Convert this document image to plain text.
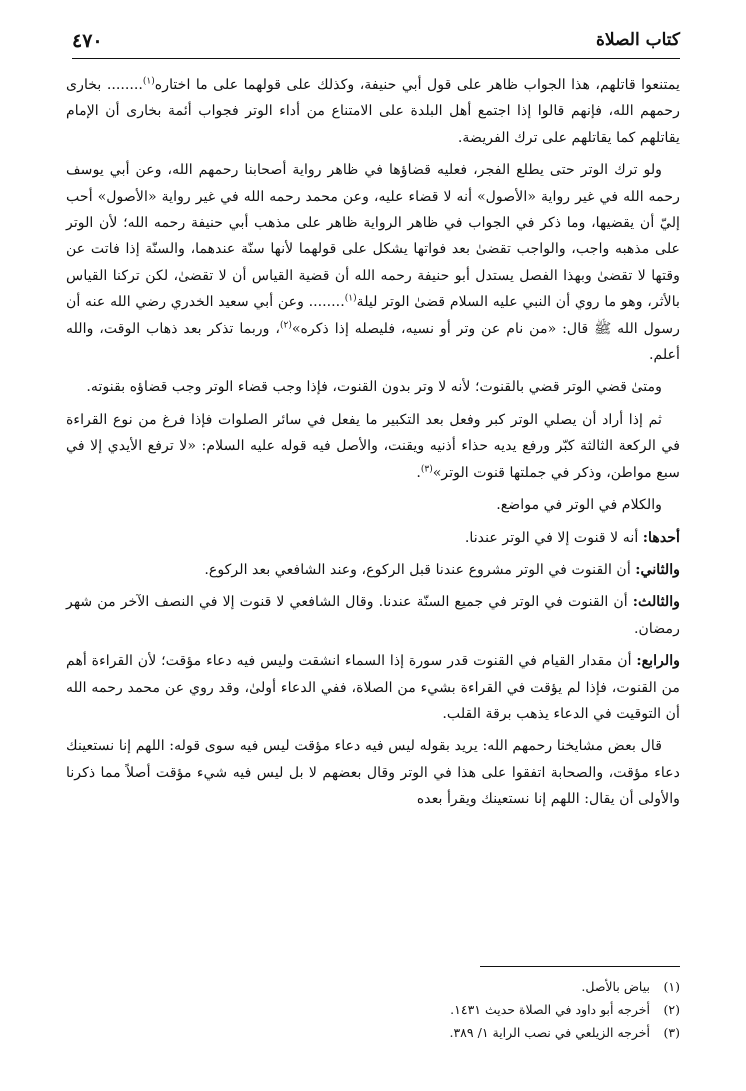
٤٧٠	كتاب الصلاة

يمتنعوا قاتلهم، هذا الجواب ظاهر على قول أبي حنيفة، وكذلك على قولهما على ما اختاره$^{(١)}$........ بخارى رحمهم الله، فإنهم قالوا إذا اجتمع أهل البلدة على الامتناع من أداء الوتر فجواب أئمة بخارى أن الإمام يقاتلهم كما يقاتلهم على ترك الفريضة.

ولو ترك الوتر حتى يطلع الفجر، فعليه قضاؤها في ظاهر رواية أصحابنا رحمهم الله، وعن أبي يوسف رحمه الله في غير رواية «الأصول» أنه لا قضاء عليه، وعن محمد رحمه الله في غير رواية «الأصول» أحب إليّ أن يقضيها، وما ذكر في الجواب في ظاهر الرواية ظاهر على مذهب أبي حنيفة رحمه الله؛ لأن الوتر على مذهبه واجب، والواجب تقضىٰ بعد فواتها يشكل على قولهما لأنها سنّة عندهما، والسنّة إذا فاتت عن وقتها لا تقضىٰ وبهذا الفصل يستدل أبو حنيفة رحمه الله أن قضية القياس أن لا تقضىٰ، لكن تركنا القياس بالأثر، وهو ما روي أن النبي عليه السلام قضىٰ الوتر ليلة$^{(١)}$........ وعن أبي سعيد الخدري رضي الله عنه أن رسول الله ﷺ قال: «من نام عن وتر أو نسيه، فليصله إذا ذكره»$^{(٢)}$، وربما تذكر بعد ذهاب الوقت، والله أعلم.

ومتىٰ قضي الوتر قضي بالقنوت؛ لأنه لا وتر بدون القنوت، فإذا وجب قضاء الوتر وجب قضاؤه بقنوته.

ثم إذا أراد أن يصلي الوتر كبر وفعل بعد التكبير ما يفعل في سائر الصلوات فإذا فرغ من نوع القراءة في الركعة الثالثة كبّر ورفع يديه حذاء أذنيه ويقنت، والأصل فيه قوله عليه السلام: «لا ترفع الأيدي إلا في سبع مواطن، وذكر في جملتها قنوت الوتر»$^{(٣)}$.

والكلام في الوتر في مواضع.

أحدها: أنه لا قنوت إلا في الوتر عندنا.

والثاني: أن القنوت في الوتر مشروع عندنا قبل الركوع، وعند الشافعي بعد الركوع.

والثالث: أن القنوت في الوتر في جميع السنّة عندنا. وقال الشافعي لا قنوت إلا في النصف الآخر من شهر رمضان.

والرابع: أن مقدار القيام في القنوت قدر سورة إذا السماء انشقت وليس فيه دعاء مؤقت؛ لأن القراءة أهم من القنوت، فإذا لم يؤقت في القراءة بشيء من الصلاة، ففي الدعاء أولىٰ، وقد روي عن محمد رحمه الله أن التوقيت في الدعاء يذهب برقة القلب.

قال بعض مشايخنا رحمهم الله: يريد بقوله ليس فيه دعاء مؤقت ليس فيه سوى قوله: اللهم إنا نستعينك دعاء مؤقت، والصحابة اتفقوا على هذا في الوتر وقال بعضهم لا بل ليس فيه شيء مؤقت أصلاً مما ذكرنا والأولى أن يقال: اللهم إنا نستعينك ويقرأ بعده

(١)بياض بالأصل.

(٢)أخرجه أبو داود في الصلاة حديث ١٤٣١.

(٣)أخرجه الزيلعي في نصب الراية ١/ ٣٨٩.
